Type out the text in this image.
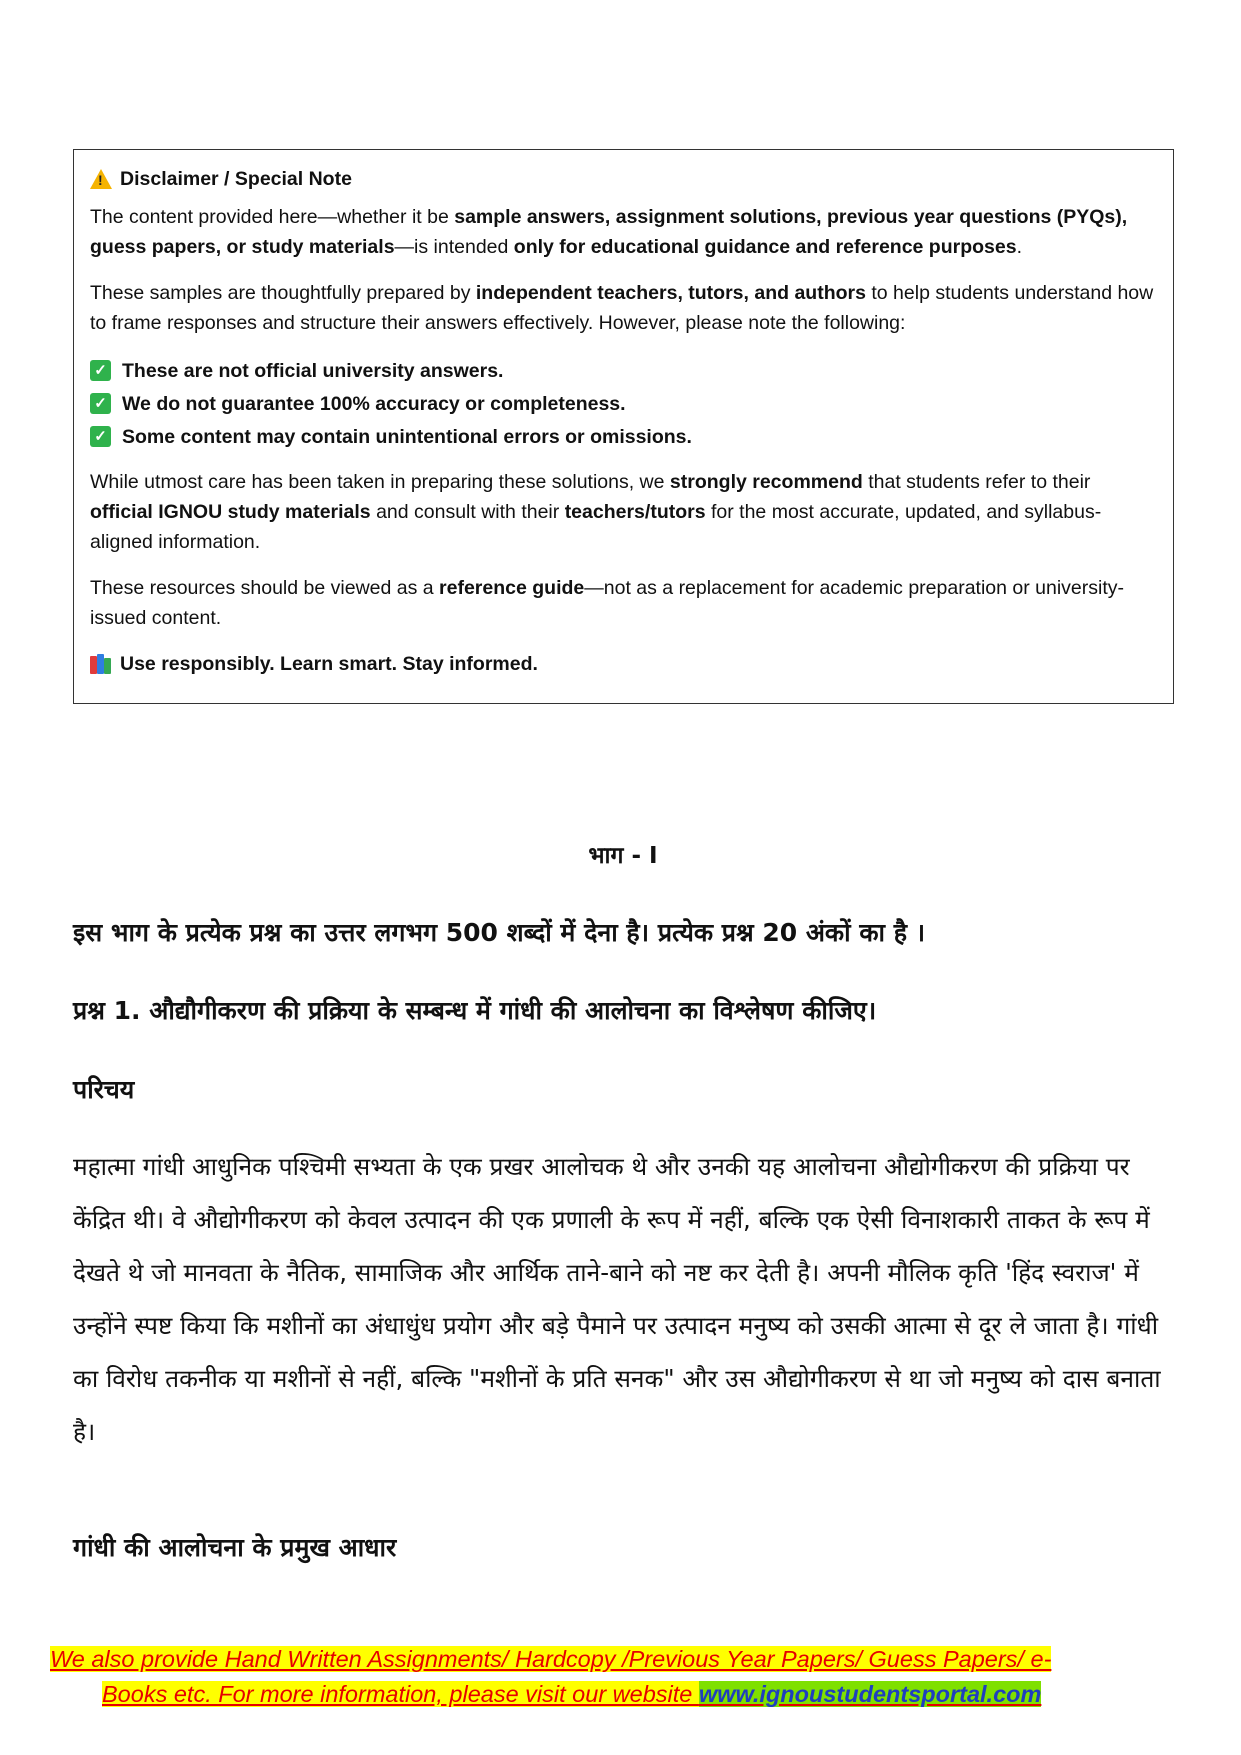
!
Disclaimer / Special Note

The content provided here—whether it be sample answers, assignment solutions, previous year questions (PYQs), guess papers, or study materials—is intended only for educational guidance and reference purposes.

These samples are thoughtfully prepared by independent teachers, tutors, and authors to help students understand how to frame responses and structure their answers effectively. However, please note the following:

✓ These are not official university answers.
✓ We do not guarantee 100% accuracy or completeness.
✓ Some content may contain unintentional errors or omissions.

While utmost care has been taken in preparing these solutions, we strongly recommend that students refer to their official IGNOU study materials and consult with their teachers/tutors for the most accurate, updated, and syllabus-aligned information.

These resources should be viewed as a reference guide—not as a replacement for academic preparation or university-issued content.

Use responsibly. Learn smart. Stay informed.
भाग - I
इस भाग के प्रत्येक प्रश्न का उत्तर लगभग 500 शब्दों में देना है। प्रत्येक प्रश्न 20 अंकों का है ।
प्रश्न 1. औद्यौगीकरण की प्रक्रिया के सम्बन्ध में गांधी की आलोचना का विश्लेषण कीजिए।
परिचय
महात्मा गांधी आधुनिक पश्चिमी सभ्यता के एक प्रखर आलोचक थे और उनकी यह आलोचना औद्योगीकरण की प्रक्रिया पर केंद्रित थी। वे औद्योगीकरण को केवल उत्पादन की एक प्रणाली के रूप में नहीं, बल्कि एक ऐसी विनाशकारी ताकत के रूप में देखते थे जो मानवता के नैतिक, सामाजिक और आर्थिक ताने-बाने को नष्ट कर देती है। अपनी मौलिक कृति 'हिंद स्वराज' में उन्होंने स्पष्ट किया कि मशीनों का अंधाधुंध प्रयोग और बड़े पैमाने पर उत्पादन मनुष्य को उसकी आत्मा से दूर ले जाता है। गांधी का विरोध तकनीक या मशीनों से नहीं, बल्कि "मशीनों के प्रति सनक" और उस औद्योगीकरण से था जो मनुष्य को दास बनाता है।
गांधी की आलोचना के प्रमुख आधार
We also provide Hand Written Assignments/ Hardcopy /Previous Year Papers/ Guess Papers/ e-
Books etc. For more information, please visit our website www.ignoustudentsportal.com
